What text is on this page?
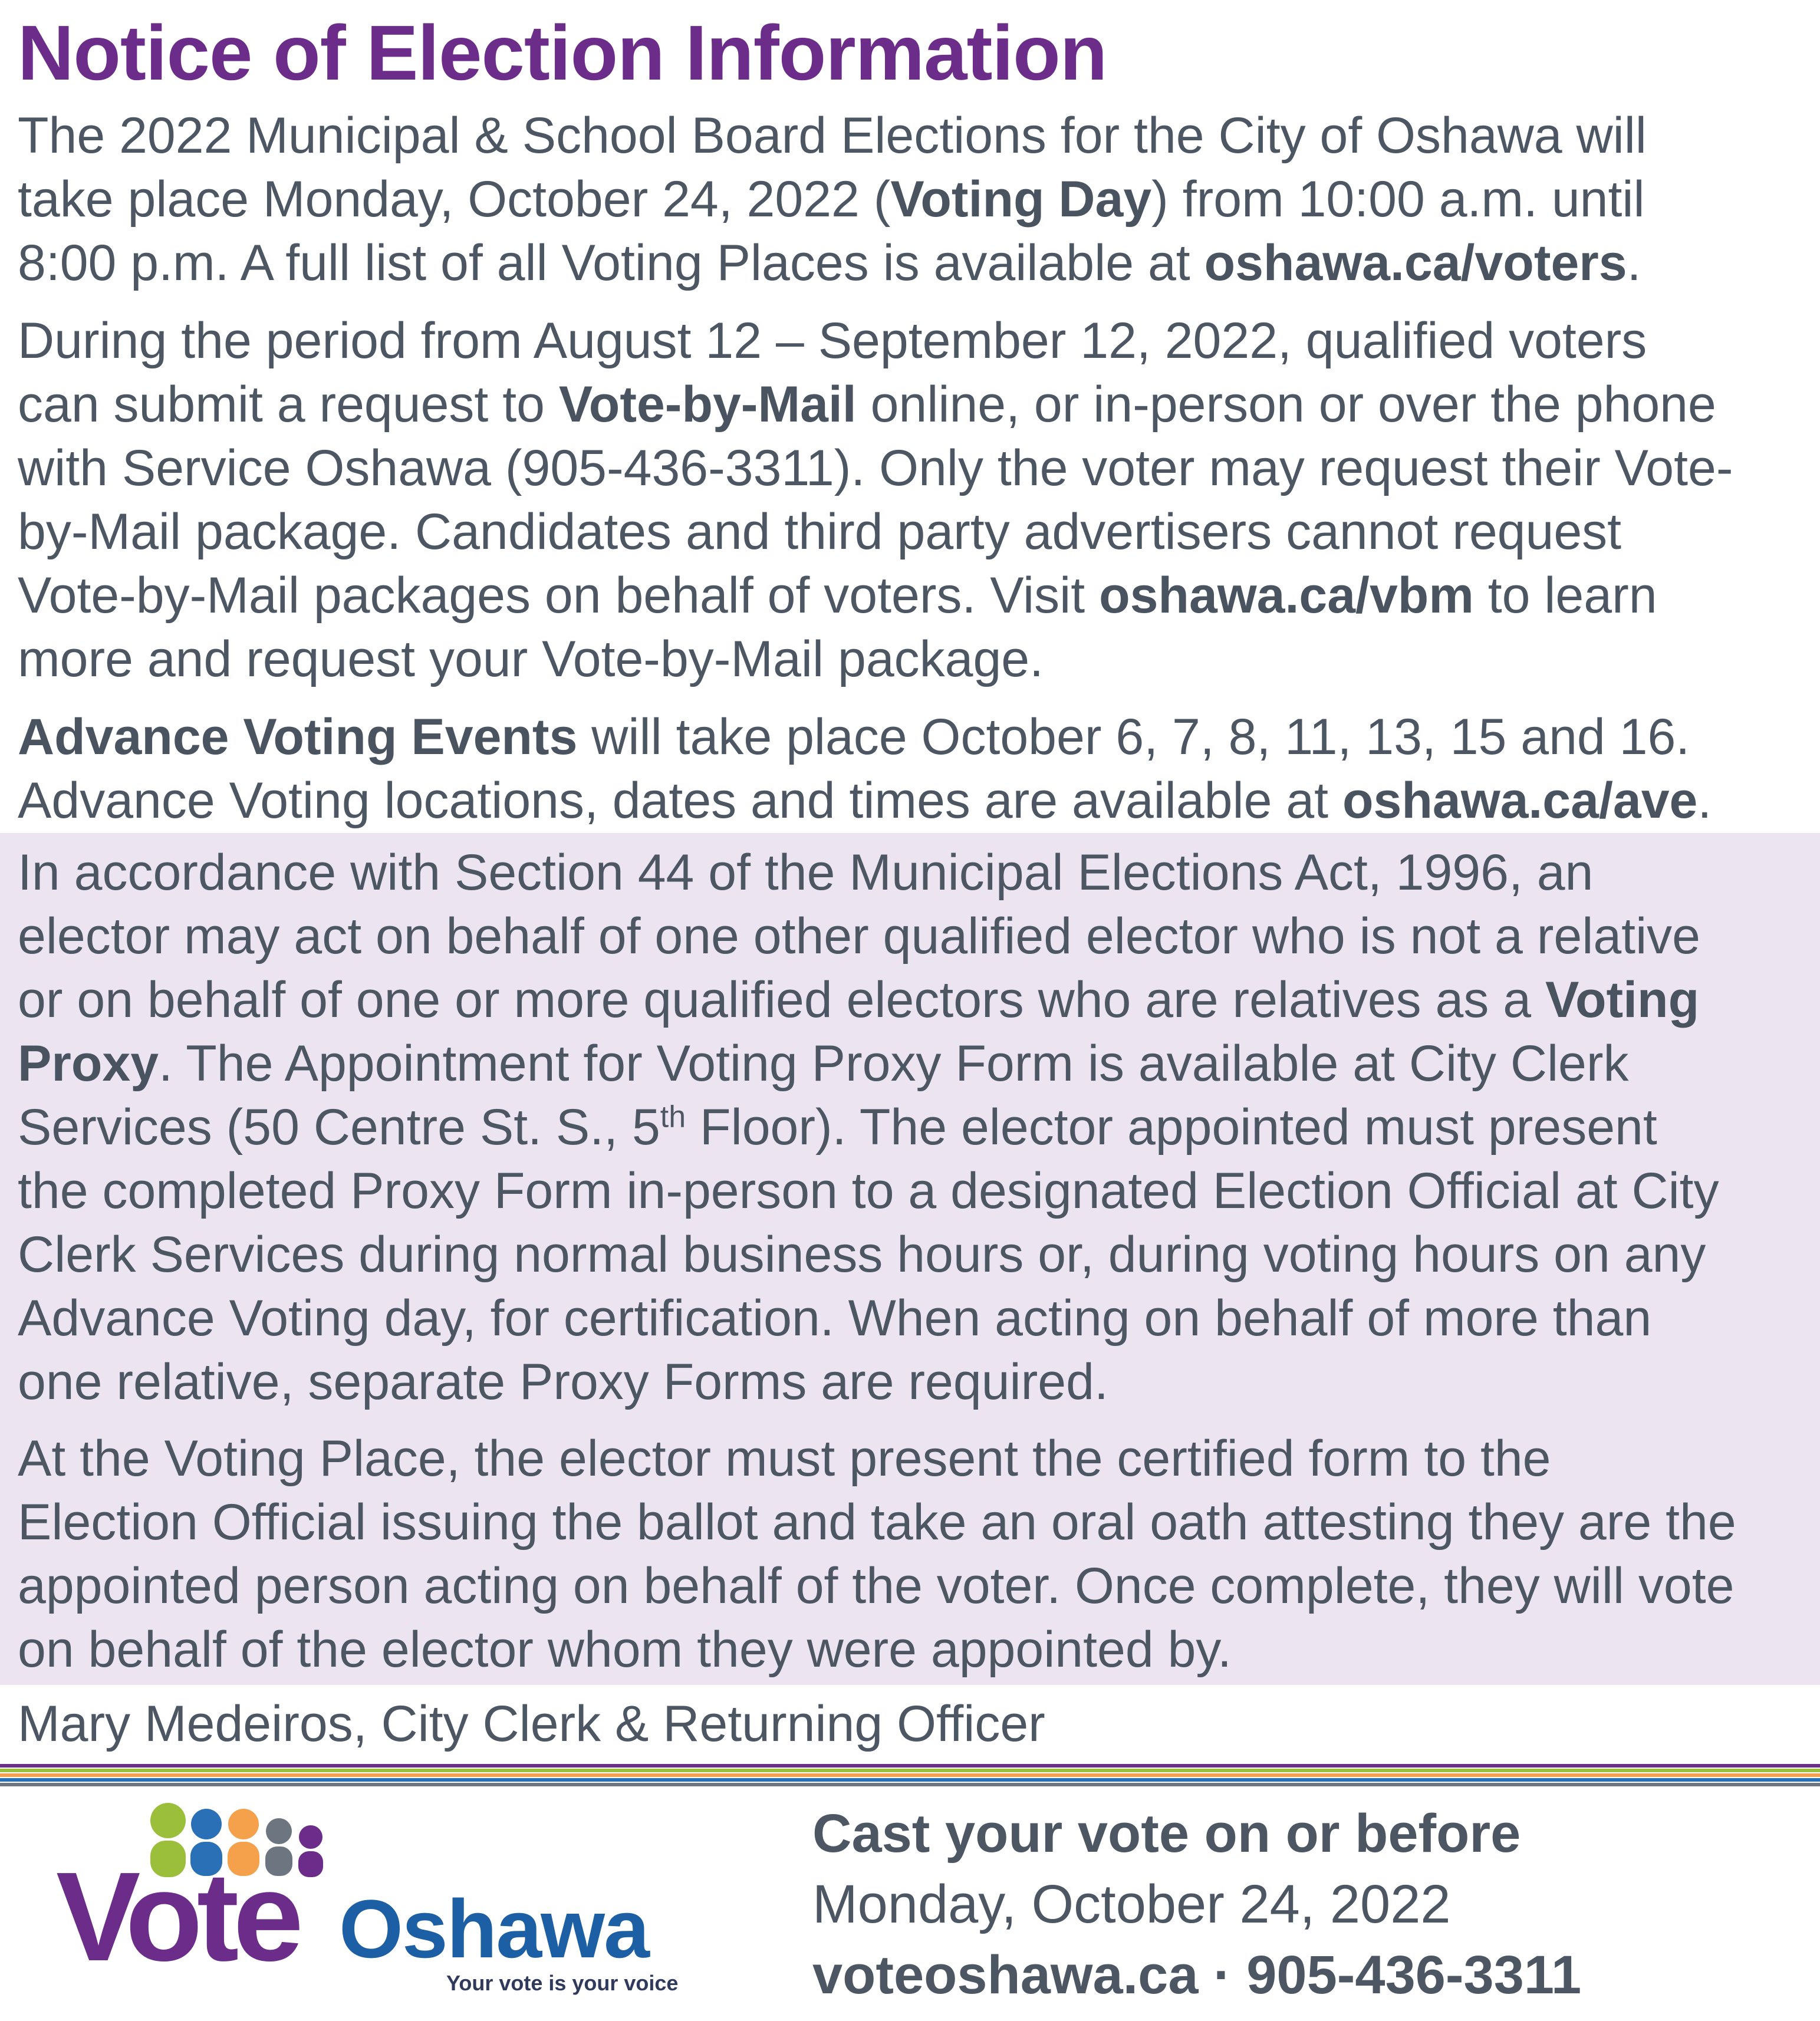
Notice of Election Information

The 2022 Municipal & School Board Elections for the City of Oshawa will
take place Monday, October 24, 2022 (Voting Day) from 10:00 a.m. until
8:00 p.m. A full list of all Voting Places is available at oshawa.ca/voters.

During the period from August 12 – September 12, 2022, qualified voters
can submit a request to Vote-by-Mail online, or in-person or over the phone
with Service Oshawa (905-436-3311). Only the voter may request their Vote-
by-Mail package. Candidates and third party advertisers cannot request
Vote-by-Mail packages on behalf of voters. Visit oshawa.ca/vbm to learn
more and request your Vote-by-Mail package.

Advance Voting Events will take place October 6, 7, 8, 11, 13, 15 and 16.
Advance Voting locations, dates and times are available at oshawa.ca/ave.

In accordance with Section 44 of the Municipal Elections Act, 1996, an
elector may act on behalf of one other qualified elector who is not a relative
or on behalf of one or more qualified electors who are relatives as a Voting
Proxy. The Appointment for Voting Proxy Form is available at City Clerk
Services (50 Centre St. S., 5th Floor). The elector appointed must present
the completed Proxy Form in-person to a designated Election Official at City
Clerk Services during normal business hours or, during voting hours on any
Advance Voting day, for certification. When acting on behalf of more than
one relative, separate Proxy Forms are required.

At the Voting Place, the elector must present the certified form to the
Election Official issuing the ballot and take an oral oath attesting they are the
appointed person acting on behalf of the voter. Once complete, they will vote
on behalf of the elector whom they were appointed by.

Mary Medeiros, City Clerk & Returning Officer

Vote Oshawa
Your vote is your voice
Cast your vote on or before
Monday, October 24, 2022
voteoshawa.ca · 905-436-3311
